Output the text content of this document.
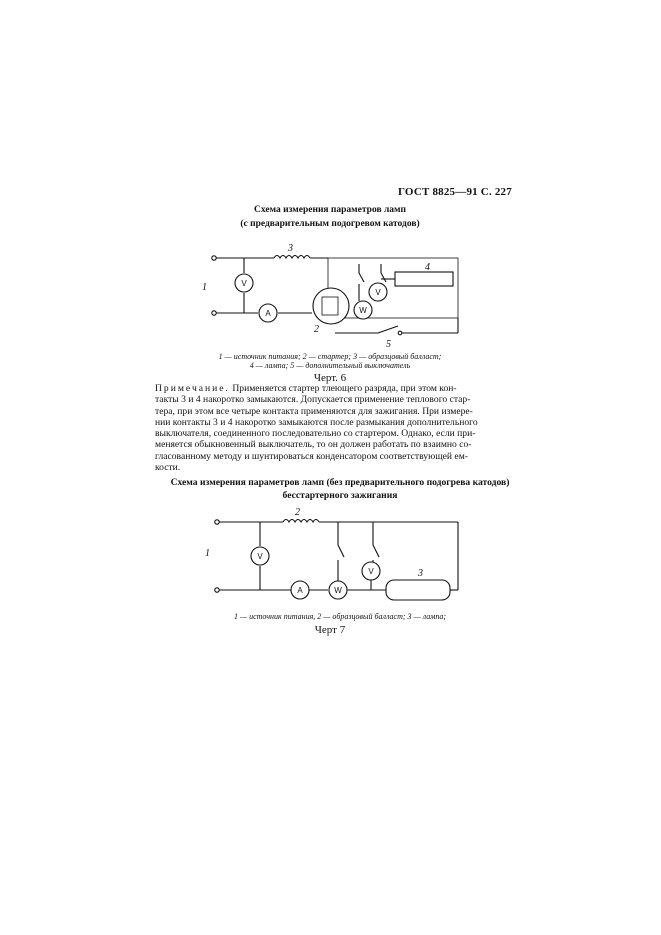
ГОСТ 8825—91 С. 227
Схема измерения параметров ламп
(с предварительным подогревом катодов)
V
A	W
V
V
A	W
V
1
2
3
4
5
1
2
3
1 — источник питания; 2 — стартер; 3 — образцовый балласт;
4 — лампа; 5 — дополнительный выключатель
Черт. 6
Примечание. Применяется стартер тлеющего разряда, при этом кон-
такты 3 и 4 накоротко замыкаются. Допускается применение теплового стар-
тера, при этом все четыре контакта применяются для зажигания. При измере-
нии контакты 3 и 4 накоротко замыкаются после размыкания дополнительного
выключателя, соединенного последовательно со стартером. Однако, если при-
меняется обыкновенный выключатель, то он должен работать по взаимно со-
гласованному методу и шунтироваться конденсатором соответствующей ем-
кости.
Схема измерения параметров ламп (без предварительного подогрева катодов)
бесстартерного зажигания
1 — источник питания, 2 — образцовый балласт; 3 — лампа;
Черт 7
